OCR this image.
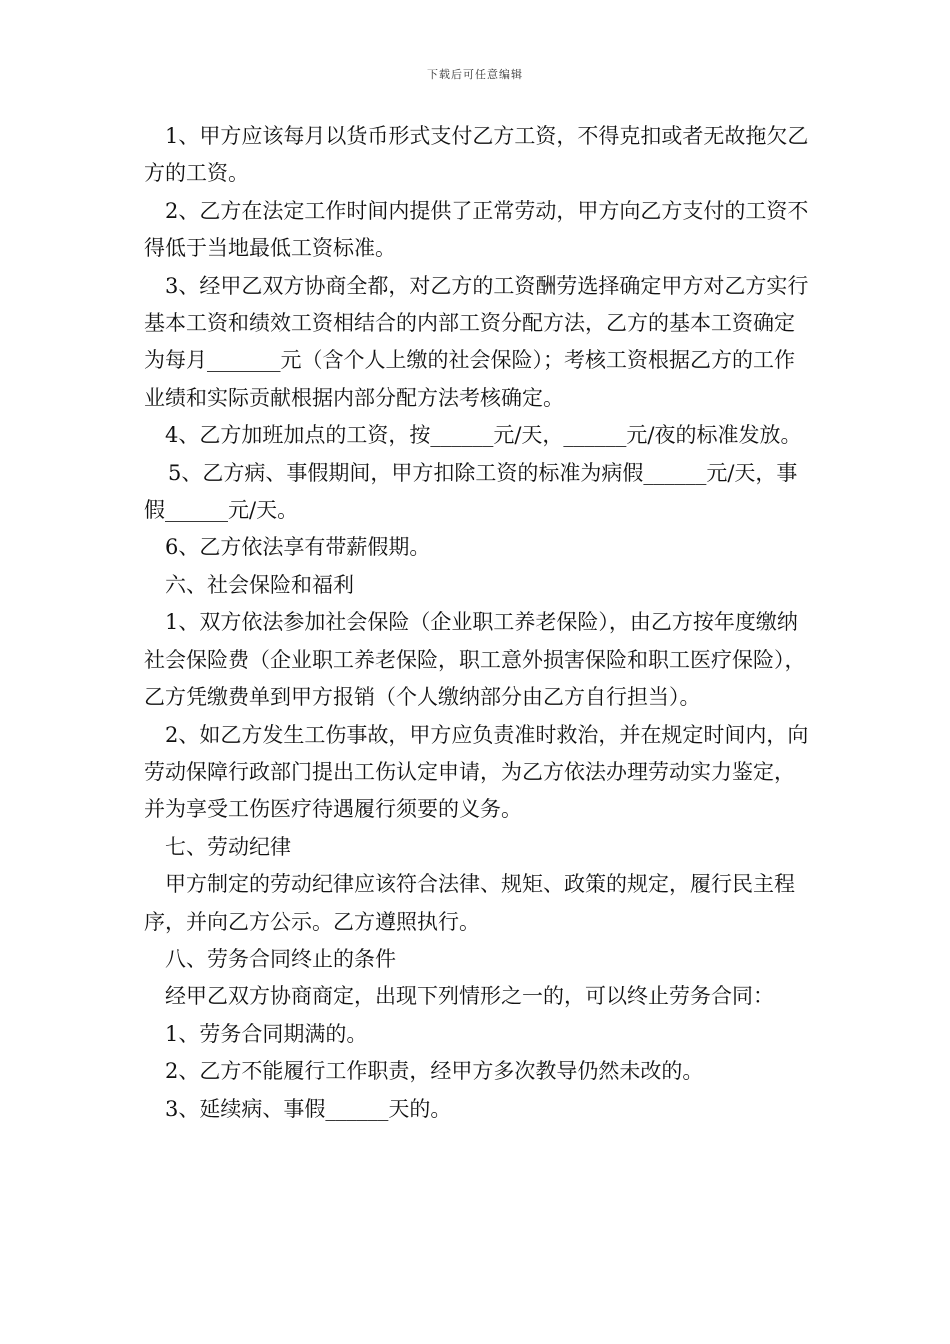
下载后可任意编辑

1、甲方应该每月以货币形式支付乙方工资，不得克扣或者无故拖欠乙方的工资。

2、乙方在法定工作时间内提供了正常劳动，甲方向乙方支付的工资不得低于当地最低工资标准。

3、经甲乙双方协商全都，对乙方的工资酬劳选择确定甲方对乙方实行基本工资和绩效工资相结合的内部工资分配方法，乙方的基本工资确定为每月_______元（含个人上缴的社会保险）；考核工资根据乙方的工作业绩和实际贡献根据内部分配方法考核确定。

4、乙方加班加点的工资，按______元/天，______元/夜的标准发放。

5、乙方病、事假期间，甲方扣除工资的标准为病假______元/天，事假______元/天。

6、乙方依法享有带薪假期。

六、社会保险和福利

1、双方依法参加社会保险（企业职工养老保险），由乙方按年度缴纳社会保险费（企业职工养老保险，职工意外损害保险和职工医疗保险），乙方凭缴费单到甲方报销（个人缴纳部分由乙方自行担当）。

2、如乙方发生工伤事故，甲方应负责准时救治，并在规定时间内，向劳动保障行政部门提出工伤认定申请，为乙方依法办理劳动实力鉴定，并为享受工伤医疗待遇履行须要的义务。

七、劳动纪律

甲方制定的劳动纪律应该符合法律、规矩、政策的规定，履行民主程序，并向乙方公示。乙方遵照执行。

八、劳务合同终止的条件

经甲乙双方协商商定，出现下列情形之一的，可以终止劳务合同：

1、劳务合同期满的。

2、乙方不能履行工作职责，经甲方多次教导仍然未改的。

3、延续病、事假______天的。
